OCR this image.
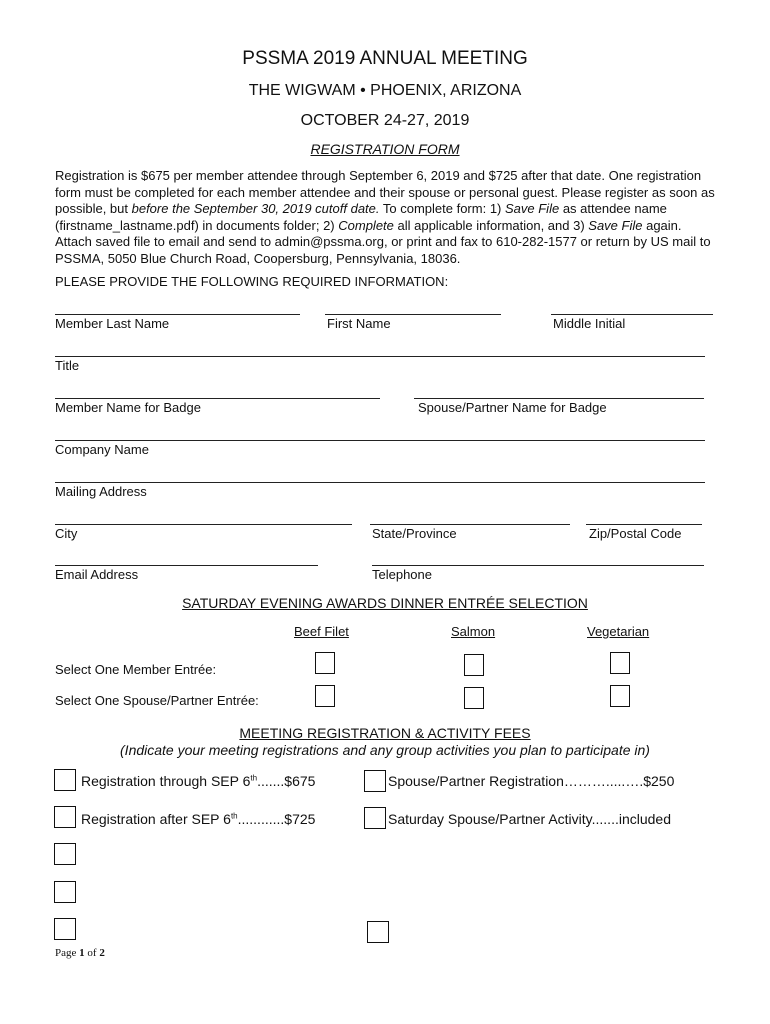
PSSMA 2019 ANNUAL MEETING
THE WIGWAM • PHOENIX, ARIZONA
OCTOBER 24-27, 2019
REGISTRATION FORM
Registration is $675 per member attendee through September 6, 2019 and $725 after that date. One registration form must be completed for each member attendee and their spouse or personal guest. Please register as soon as possible, but before the September 30, 2019 cutoff date. To complete form: 1) Save File as attendee name (firstname_lastname.pdf) in documents folder; 2) Complete all applicable information, and 3) Save File again. Attach saved file to email and send to admin@pssma.org, or print and fax to 610-282-1577 or return by US mail to PSSMA, 5050 Blue Church Road, Coopersburg, Pennsylvania, 18036.
PLEASE PROVIDE THE FOLLOWING REQUIRED INFORMATION:
Member Last Name	First Name	Middle Initial
Title
Member Name for Badge	Spouse/Partner Name for Badge
Company Name
Mailing Address
City	State/Province	Zip/Postal Code
Email Address	Telephone
SATURDAY EVENING AWARDS DINNER ENTRÉE SELECTION
Beef Filet	Salmon	Vegetarian
Select One Member Entrée:
Select One Spouse/Partner Entrée:
MEETING REGISTRATION & ACTIVITY FEES
(Indicate your meeting registrations and any group activities you plan to participate in)
Registration through SEP 6th.......$675	Spouse/Partner Registration……….....….$250
Registration after SEP 6th............$725	Saturday Spouse/Partner Activity.......included
Page 1 of 2
